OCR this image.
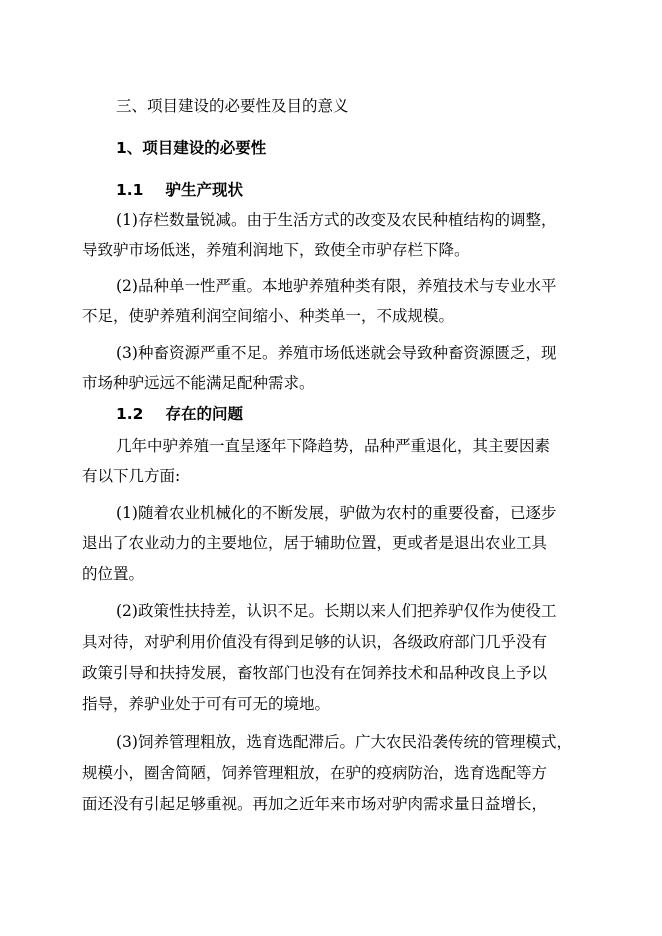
三、项目建设的必要性及目的意义

1、项目建设的必要性

1.1 驴生产现状

(1)存栏数量锐减。由于生活方式的改变及农民种植结构的调整，

导致驴市场低迷，养殖利润地下，致使全市驴存栏下降。

(2)品种单一性严重。本地驴养殖种类有限，养殖技术与专业水平

不足，使驴养殖利润空间缩小、种类单一，不成规模。

(3)种畜资源严重不足。养殖市场低迷就会导致种畜资源匮乏，现

市场种驴远远不能满足配种需求。

1.2 存在的问题

几年中驴养殖一直呈逐年下降趋势，品种严重退化，其主要因素

有以下几方面:

(1)随着农业机械化的不断发展，驴做为农村的重要役畜，已逐步

退出了农业动力的主要地位，居于辅助位置，更或者是退出农业工具

的位置。

(2)政策性扶持差，认识不足。长期以来人们把养驴仅作为使役工

具对待，对驴利用价值没有得到足够的认识，各级政府部门几乎没有

政策引导和扶持发展，畜牧部门也没有在饲养技术和品种改良上予以

指导，养驴业处于可有可无的境地。

(3)饲养管理粗放，选育选配滞后。广大农民沿袭传统的管理模式，

规模小，圈舍简陋，饲养管理粗放，在驴的疫病防治，选育选配等方

面还没有引起足够重视。再加之近年来市场对驴肉需求量日益增长，
